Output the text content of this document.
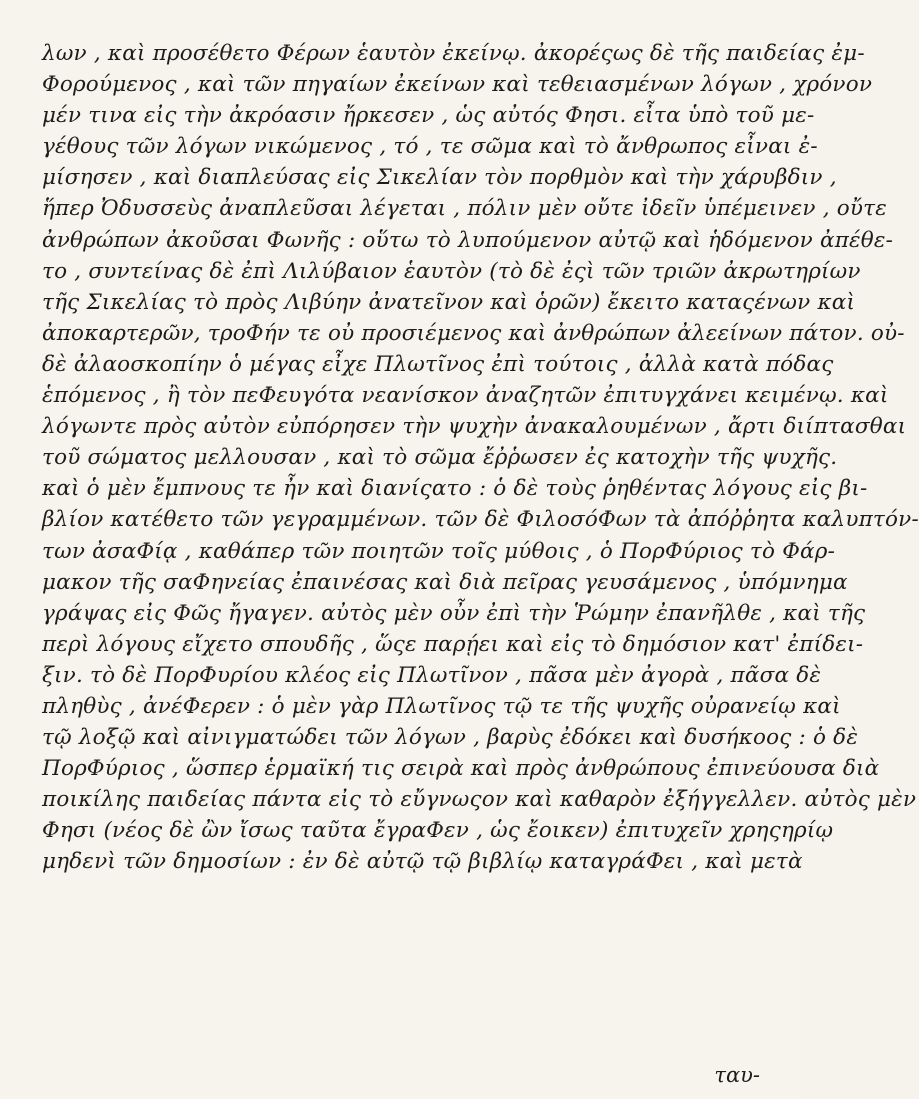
λων , καὶ προσέθετο Φέρων ἑαυτὸν ἐκείνῳ. ἀκορέςως δὲ τῆς παιδείας ἐμ-
Φορούμενος , καὶ τῶν πηγαίων ἐκείνων καὶ τεθειασμένων λόγων , χρόνον
μέν τινα εἰς τὴν ἀκρόασιν ἤρκεσεν , ὡς αὐτός Φησι. εἶτα ὑπὸ τοῦ με-
γέθους τῶν λόγων νικώμενος , τό , τε σῶμα καὶ τὸ ἄνθρωπος εἶναι ἐ-
μίσησεν , καὶ διαπλεύσας εἰς Σικελίαν τὸν πορθμὸν καὶ τὴν χάρυβδιν ,
ἥπερ Ὀδυσσεὺς ἀναπλεῦσαι λέγεται , πόλιν μὲν οὔτε ἰδεῖν ὑπέμεινεν , οὔτε
ἀνθρώπων ἀκοῦσαι Φωνῆς : οὕτω τὸ λυπούμενον αὐτῷ καὶ ἡδόμενον ἀπέθε-
το , συντείνας δὲ ἐπὶ Λιλύβαιον ἑαυτὸν (τὸ δὲ ἐςὶ τῶν τριῶν ἀκρωτηρίων
τῆς Σικελίας τὸ πρὸς Λιβύην ἀνατεῖνον καὶ ὁρῶν) ἔκειτο καταςένων καὶ
ἀποκαρτερῶν, τροΦήν τε οὐ προσιέμενος καὶ ἀνθρώπων ἀλεείνων πάτον. οὐ-
δὲ ἀλαοσκοπίην ὁ μέγας εἶχε Πλωτῖνος ἐπὶ τούτοις , ἀλλὰ κατὰ πόδας
ἑπόμενος , ἢ τὸν πεΦευγότα νεανίσκον ἀναζητῶν ἐπιτυγχάνει κειμένῳ. καὶ
λόγωντε πρὸς αὐτὸν εὐπόρησεν τὴν ψυχὴν ἀνακαλουμένων , ἄρτι διίπτασθαι
τοῦ σώματος μελλουσαν , καὶ τὸ σῶμα ἔῤῥωσεν ἐς κατοχὴν τῆς ψυχῆς.
καὶ ὁ μὲν ἔμπνους τε ἦν καὶ διανίςατο : ὁ δὲ τοὺς ῥηθέντας λόγους εἰς βι-
βλίον κατέθετο τῶν γεγραμμένων. τῶν δὲ ΦιλοσόΦων τὰ ἀπόῤῥητα καλυπτόν-
των ἀσαΦίᾳ , καθάπερ τῶν ποιητῶν τοῖς μύθοις , ὁ ΠορΦύριος τὸ Φάρ-
μακον τῆς σαΦηνείας ἐπαινέσας καὶ διὰ πεῖρας γευσάμενος , ὑπόμνημα
γράψας εἰς Φῶς ἤγαγεν. αὐτὸς μὲν οὖν ἐπὶ τὴν Ῥώμην ἐπανῆλθε , καὶ τῆς
περὶ λόγους εἴχετο σπουδῆς , ὥςε παρῄει καὶ εἰς τὸ δημόσιον κατ' ἐπίδει-
ξιν. τὸ δὲ ΠορΦυρίου κλέος εἰς Πλωτῖνον , πᾶσα μὲν ἀγορὰ , πᾶσα δὲ
πληθὺς , ἀνέΦερεν : ὁ μὲν γὰρ Πλωτῖνος τῷ τε τῆς ψυχῆς οὐρανείῳ καὶ
τῷ λοξῷ καὶ αἰνιγματώδει τῶν λόγων , βαρὺς ἐδόκει καὶ δυσήκοος : ὁ δὲ
ΠορΦύριος , ὥσπερ ἑρμαϊκή τις σειρὰ καὶ πρὸς ἀνθρώπους ἐπινεύουσα διὰ
ποικίλης παιδείας πάντα εἰς τὸ εὔγνωςον καὶ καθαρὸν ἐξήγγελλεν. αὐτὸς μὲν
Φησι (νέος δὲ ὢν ἴσως ταῦτα ἔγραΦεν , ὡς ἔοικεν) ἐπιτυχεῖν χρηςηρίῳ
μηδενὶ τῶν δημοσίων : ἐν δὲ αὐτῷ τῷ βιβλίῳ καταγράΦει , καὶ μετὰ
ταυ-
